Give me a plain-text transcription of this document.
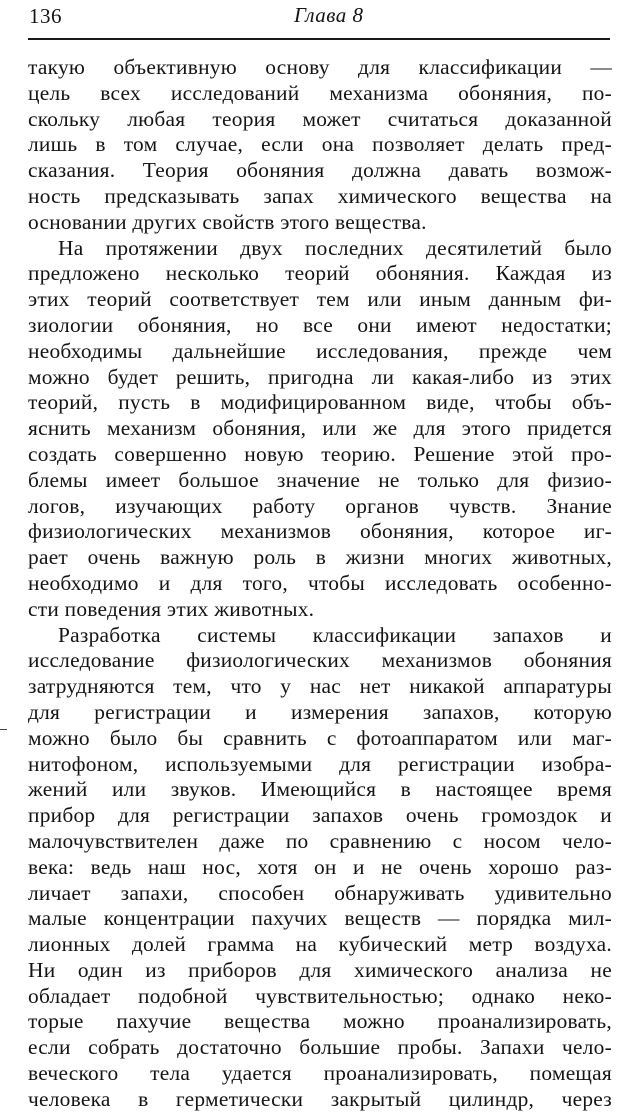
136	Глава 8

такую объективную основу для классификации —
цель всех исследований механизма обоняния, по-
скольку любая теория может считаться доказанной
лишь в том случае, если она позволяет делать пред-
сказания. Теория обоняния должна давать возмож-
ность предсказывать запах химического вещества на
основании других свойств этого вещества.

На протяжении двух последних десятилетий было
предложено несколько теорий обоняния. Каждая из
этих теорий соответствует тем или иным данным фи-
зиологии обоняния, но все они имеют недостатки;
необходимы дальнейшие исследования, прежде чем
можно будет решить, пригодна ли какая-либо из этих
теорий, пусть в модифицированном виде, чтобы объ-
яснить механизм обоняния, или же для этого придется
создать совершенно новую теорию. Решение этой про-
блемы имеет большое значение не только для физио-
логов, изучающих работу органов чувств. Знание
физиологических механизмов обоняния, которое иг-
рает очень важную роль в жизни многих животных,
необходимо и для того, чтобы исследовать особенно-
сти поведения этих животных.

Разработка системы классификации запахов и
исследование физиологических механизмов обоняния
затрудняются тем, что у нас нет никакой аппаратуры
для регистрации и измерения запахов, которую
можно было бы сравнить с фотоаппаратом или маг-
нитофоном, используемыми для регистрации изобра-
жений или звуков. Имеющийся в настоящее время
прибор для регистрации запахов очень громоздок и
малочувствителен даже по сравнению с носом чело-
века: ведь наш нос, хотя он и не очень хорошо раз-
личает запахи, способен обнаруживать удивительно
малые концентрации пахучих веществ — порядка мил-
лионных долей грамма на кубический метр воздуха.
Ни один из приборов для химического анализа не
обладает подобной чувствительностью; однако неко-
торые пахучие вещества можно проанализировать,
если собрать достаточно большие пробы. Запахи чело-
веческого тела удается проанализировать, помещая
человека в герметически закрытый цилиндр, через
